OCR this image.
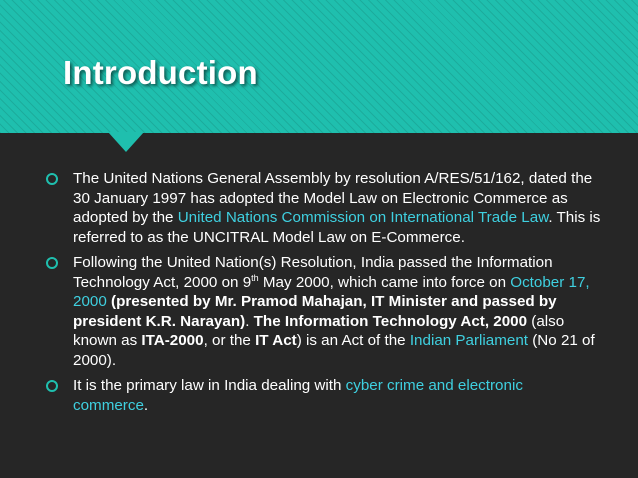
Introduction
The United Nations General Assembly by resolution A/RES/51/162, dated the 30 January 1997 has adopted the Model Law on Electronic Commerce as adopted by the United Nations Commission on International Trade Law. This is referred to as the UNCITRAL Model Law on E-Commerce.
Following the United Nation(s) Resolution, India passed the Information Technology Act, 2000 on 9th May 2000, which came into force on October 17, 2000 (presented by Mr. Pramod Mahajan, IT Minister and passed by president K.R. Narayan). The Information Technology Act, 2000 (also known as ITA-2000, or the IT Act) is an Act of the Indian Parliament (No 21 of 2000).
It is the primary law in India dealing with cyber crime and electronic commerce.
